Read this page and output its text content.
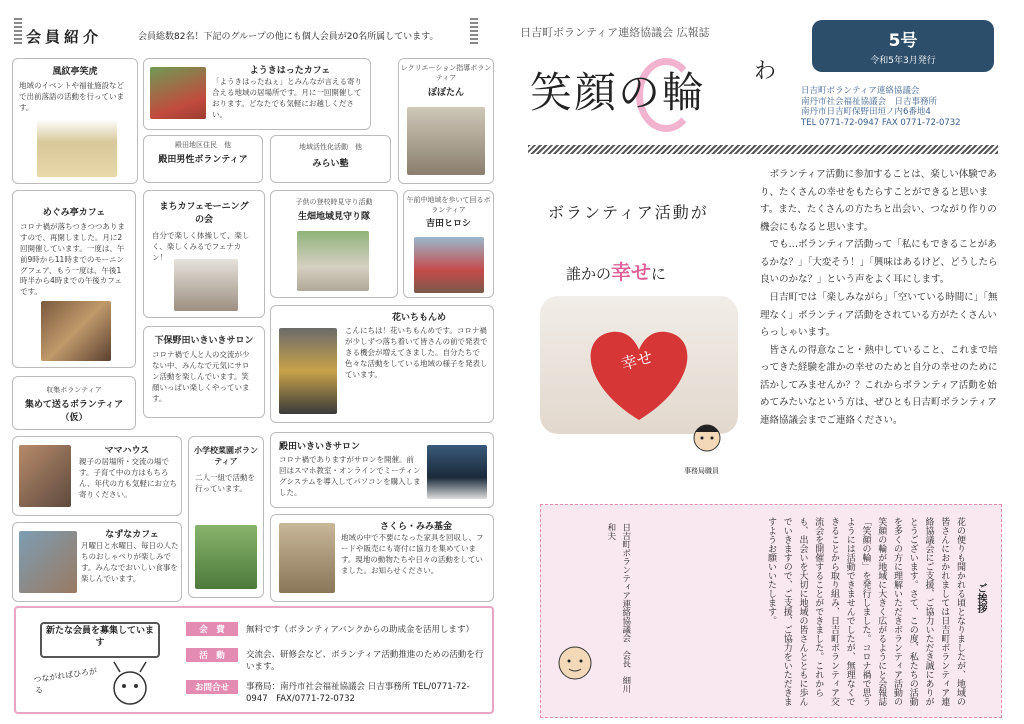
会員紹介	会員総数82名！下記のグループの他にも個人会員が20名所属しています。
風紋亭笑虎
地域のイベントや福祉施設などで出前落語の活動を行っています。
ようきはったカフェ
「ようきはったねぇ」とみんなが言える寄り合える地域の居場所です。月に一回開催しております。どなたでも気軽にお越しください。
レクリエーション指導ボランティア
ぽぽたん
殿田地区住民　他
殿田男性ボランティア
地域活性化活動　他
みらい塾
めぐみ亭カフェ
コロナ禍が落ちつきつつありますので、再開しました。月に2回開催しています。一度は、午前9時から11時までのモーニングフェア、もう一度は、午後1時半から4時までの午後カフェです。
まちカフェモーニングの会
自分で楽しく体操して、楽しく、楽しくみるでフェナカン！
子供の登校時見守り活動
生畑地域見守り隊
午前中地域を歩いて回るボランティア
吉田ヒロシ
花いちもんめ
こんにちは！花いちもんめです。コロナ禍が少しずつ落ち着いて皆さんの前で発表できる機会が増えてきました。自分たちで色々な活動をしている地域の様子を発表しています。
下保野田いきいきサロン
コロナ禍で人と人の交流が少ない中、みんなで元気にサロン活動を楽しんでいます。笑顔いっぱい楽しくやっています。
収集ボランティア
集めて送るボランティア（仮）
ママハウス
親子の居場所・交流の場です。子育て中の方はもちろん、年代の方も気軽にお立ち寄りください。
小学校菜園ボランティア
二人一組で活動を行っています。
殿田いきいきサロン
コロナ禍でありますがサロンを開催。前回はスマホ教室・オンラインでミーティングシステムを導入してパソコンを購入しました。
なずなカフェ
月曜日と水曜日、毎日の人たちのおしゃべりが楽しみです。みんなでおいしい食事を楽しんでいます。
さくら・みみ基金
地域の中で不要になった家具を回収し、フードや販売にも寄付に協力を集めています。現地の動物たちや日々の活動をしていました。お知らせください。
新たな会員を募集しています
つながればひろがる
会　費	無料です（ボランティアバンクからの助成金を活用します）
活　動	交流会、研修会など、ボランティア活動推進のための活動を行います。
お問合せ	事務局：南丹市社会福祉協議会 日吉事務所 TEL/0771-72-0947　FAX/0771-72-0732
日吉町ボランティア連絡協議会 広報誌
笑顔の輪 わ
5号
令和5年3月発行
日吉町ボランティア連絡協議会
南丹市社会福祉協議会　日吉事務所
南丹市日吉町保野田垣ノ内6番地4
TEL 0771-72-0947 FAX 0771-72-0732
ボランティア活動が
誰かの幸せに
幸せ
事務局職員

ボランティア活動に参加することは、楽しい体験であり、たくさんの幸せをもたらすことができると思います。また、たくさんの方たちと出会い、つながり作りの機会にもなると思います。

でも…ボランティア活動って「私にもできることがあるかな？」「大変そう！」「興味はあるけど、どうしたら良いのかな？」という声をよく耳にします。

日吉町では「楽しみながら」「空いている時間に」「無理なく」ボランティア活動をされている方がたくさんいらっしゃいます。

皆さんの得意なこと・熱中していること、これまで培ってきた経験を誰かの幸せのためと自分の幸せのために活かしてみませんか？？これからボランティア活動を始めてみたいなという方は、ぜひとも日吉町ボランティア連絡協議会までご連絡ください。

ご挨拶
花の便りも聞かれる頃となりましたが、地域の皆さんにおかれましては日吉町ボランティア連絡協議会にご支援、ご協力いただき誠にありがとうございます。さて、この度、私たちの活動を多くの方に理解いただきボランティア活動の笑顔の輪が地域に大きく広がるようにと会報誌「笑顔の輪」を発行しました。コロナ禍で思うようには活動できませんでしたが、無理なくできることから取り組み、日吉町ボランティア交流会を開催することができました。これからも、出会いを大切に地域の皆さんとともに歩んでいきますので、ご支援、ご協力をいただきますようお願いいたします。
日吉町ボランティア連絡協議会　会長　細川　和夫
